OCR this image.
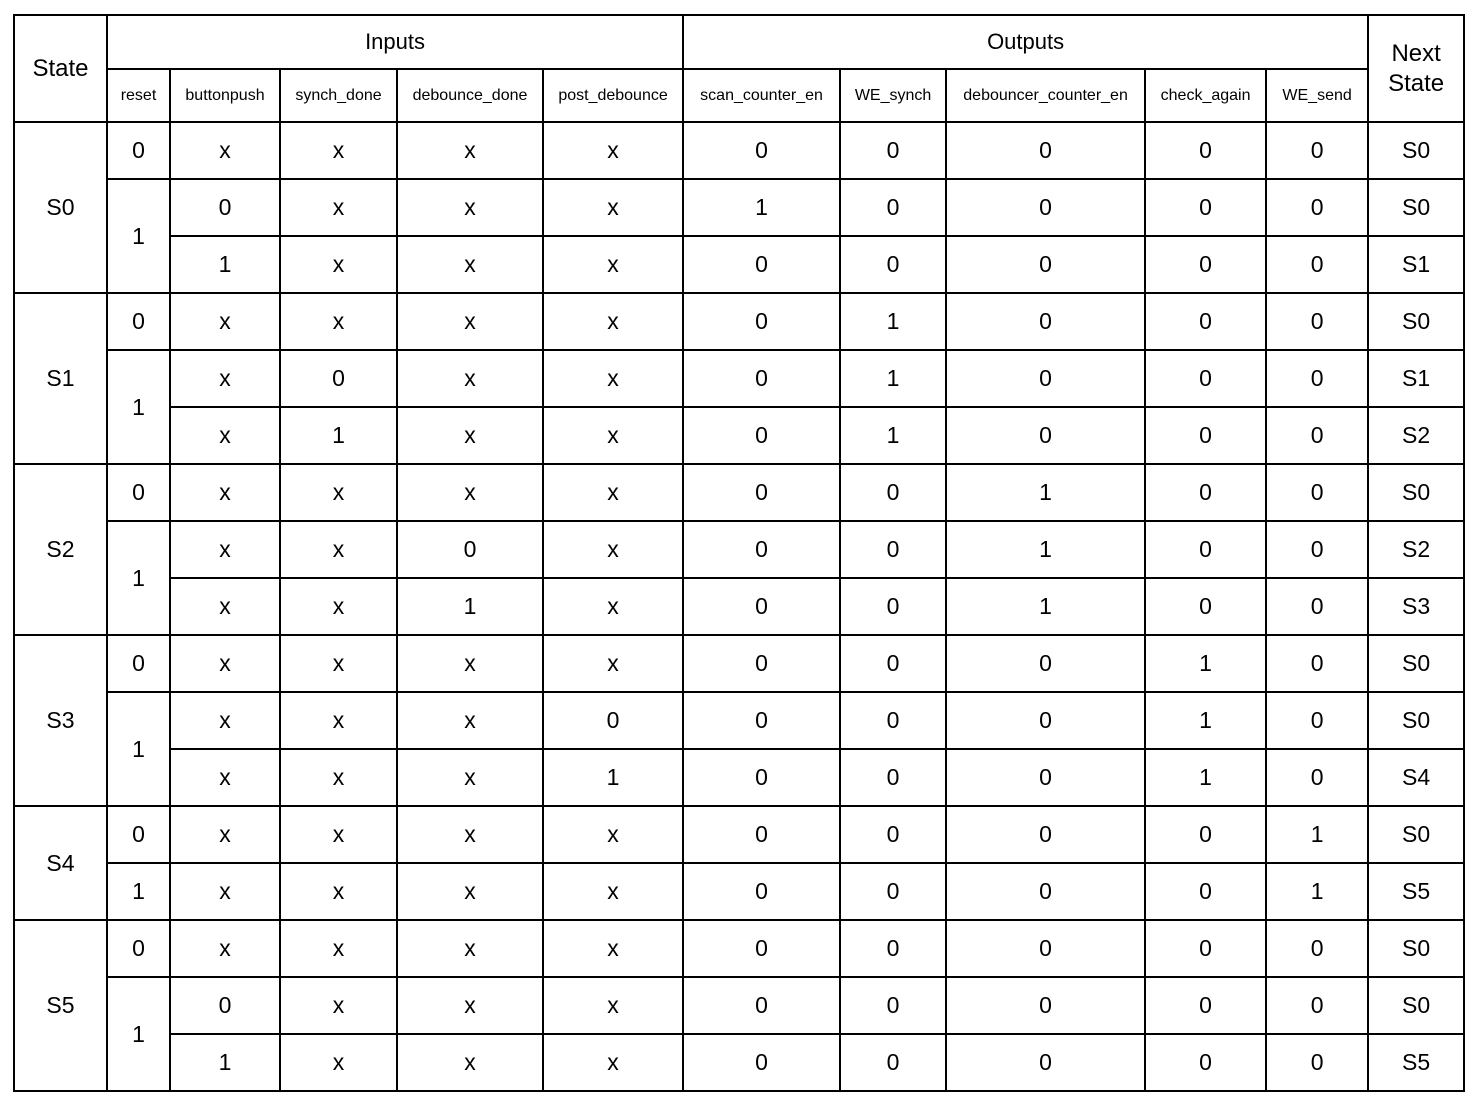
State	Inputs					Outputs					Next
State
	reset	buttonpush	synch_done	debounce_done	post_debounce	scan_counter_en	WE_synch	debouncer_counter_en	check_again	WE_send	
S0	0	x	x	x	x	0	0	0	0	0	S0
	1	0	x	x	x	1	0	0	0	0	S0
		1	x	x	x	0	0	0	0	0	S1
S1	0	x	x	x	x	0	1	0	0	0	S0
	1	x	0	x	x	0	1	0	0	0	S1
		x	1	x	x	0	1	0	0	0	S2
S2	0	x	x	x	x	0	0	1	0	0	S0
	1	x	x	0	x	0	0	1	0	0	S2
		x	x	1	x	0	0	1	0	0	S3
S3	0	x	x	x	x	0	0	0	1	0	S0
	1	x	x	x	0	0	0	0	1	0	S0
		x	x	x	1	0	0	0	1	0	S4
S4	0	x	x	x	x	0	0	0	0	1	S0
	1	x	x	x	x	0	0	0	0	1	S5
S5	0	x	x	x	x	0	0	0	0	0	S0
	1	0	x	x	x	0	0	0	0	0	S0
		1	x	x	x	0	0	0	0	0	S5
